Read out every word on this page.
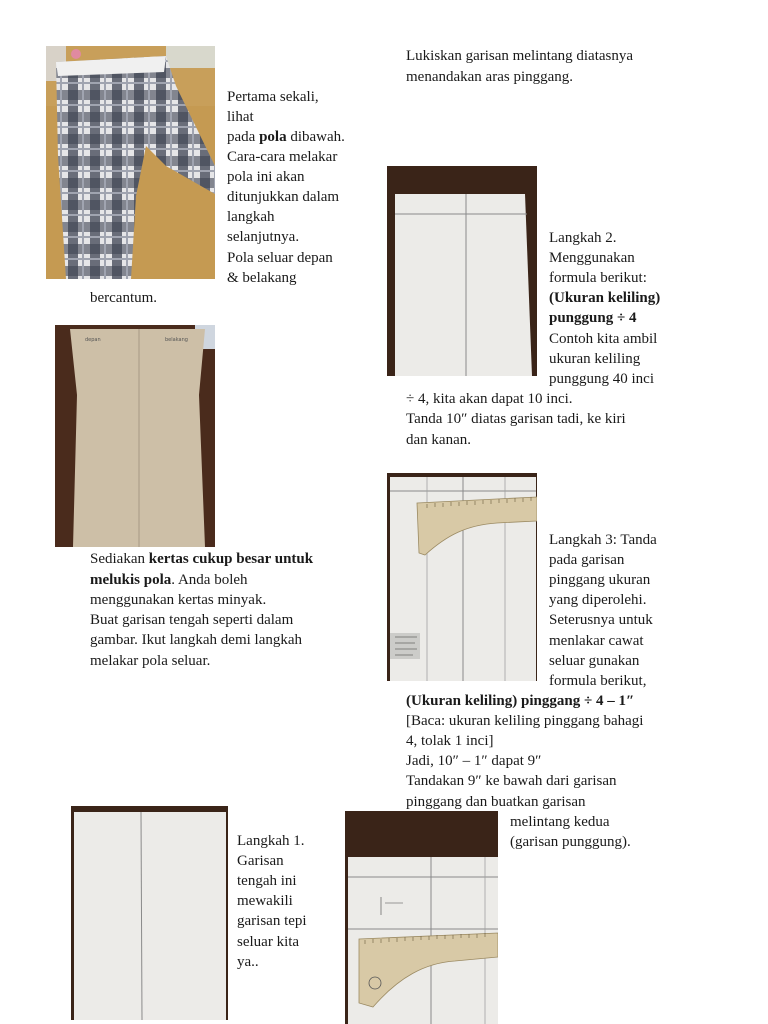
Pertama sekali,

lihat

pada pola dibawah.

Cara-cara melakar

pola ini akan

ditunjukkan dalam

langkah

selanjutnya.

Pola seluar depan

& belakang

bercantum.

depan	belakang

Sediakan kertas cukup besar untuk

melukis pola. Anda boleh

menggunakan kertas minyak.

Buat garisan tengah seperti dalam

gambar. Ikut langkah demi langkah

melakar pola seluar.

Langkah 1.

Garisan

tengah ini

mewakili

garisan tepi

seluar kita

ya..

Lukiskan garisan melintang diatasnya

menandakan aras pinggang.

Langkah 2.

Menggunakan

formula berikut:

(Ukuran keliling)

punggung ÷ 4

Contoh kita ambil

ukuran keliling

punggung 40 inci

÷ 4, kita akan dapat 10 inci.

Tanda 10″ diatas garisan tadi, ke kiri

dan kanan.

Langkah 3: Tanda

pada garisan

pinggang ukuran

yang diperolehi.

Seterusnya untuk

menlakar cawat

seluar gunakan

formula berikut,

(Ukuran keliling) pinggang ÷ 4 – 1″

[Baca: ukuran keliling pinggang bahagi

4, tolak 1 inci]

Jadi, 10″ – 1″ dapat 9″

Tandakan 9″ ke bawah dari garisan

pinggang dan buatkan garisan

melintang kedua

(garisan punggung).
